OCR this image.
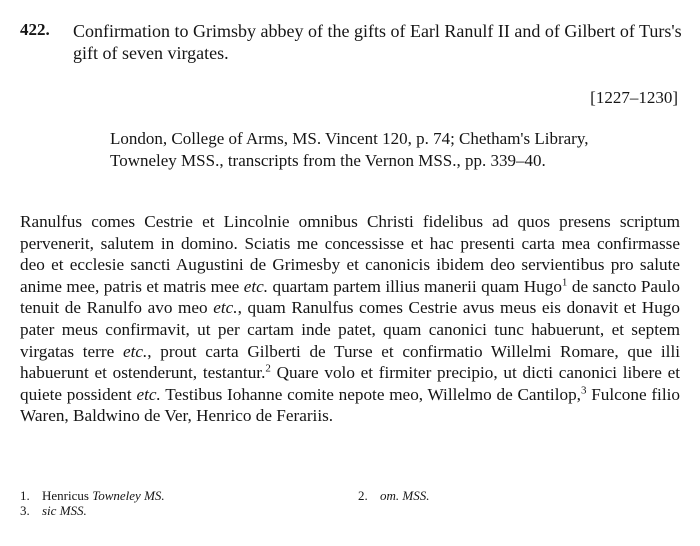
422. Confirmation to Grimsby abbey of the gifts of Earl Ranulf II and of Gilbert of Turs's gift of seven virgates.
[1227–1230]
London, College of Arms, MS. Vincent 120, p. 74; Chetham's Library, Towneley MSS., transcripts from the Vernon MSS., pp. 339–40.
Ranulfus comes Cestrie et Lincolnie omnibus Christi fidelibus ad quos presens scriptum pervenerit, salutem in domino. Sciatis me concessisse et hac presenti carta mea confirmasse deo et ecclesie sancti Augustini de Grimesby et canonicis ibidem deo servientibus pro salute anime mee, patris et matris mee etc. quartam partem illius manerii quam Hugo$^1$ de sancto Paulo tenuit de Ranulfo avo meo etc., quam Ranulfus comes Cestrie avus meus eis donavit et Hugo pater meus confirmavit, ut per cartam inde patet, quam canonici tunc habuerunt, et septem virgatas terre etc., prout carta Gilberti de Turse et confirmatio Willelmi Romare, que illi habuerunt et ostenderunt, testantur.$^2$ Quare volo et firmiter precipio, ut dicti canonici libere et quiete possident etc. Testibus Iohanne comite nepote meo, Willelmo de Cantilop,$^3$ Fulcone filio Waren, Baldwino de Ver, Henrico de Ferariis.
1. Henricus Towneley MS.	2. om. MSS.
3. sic MSS.
